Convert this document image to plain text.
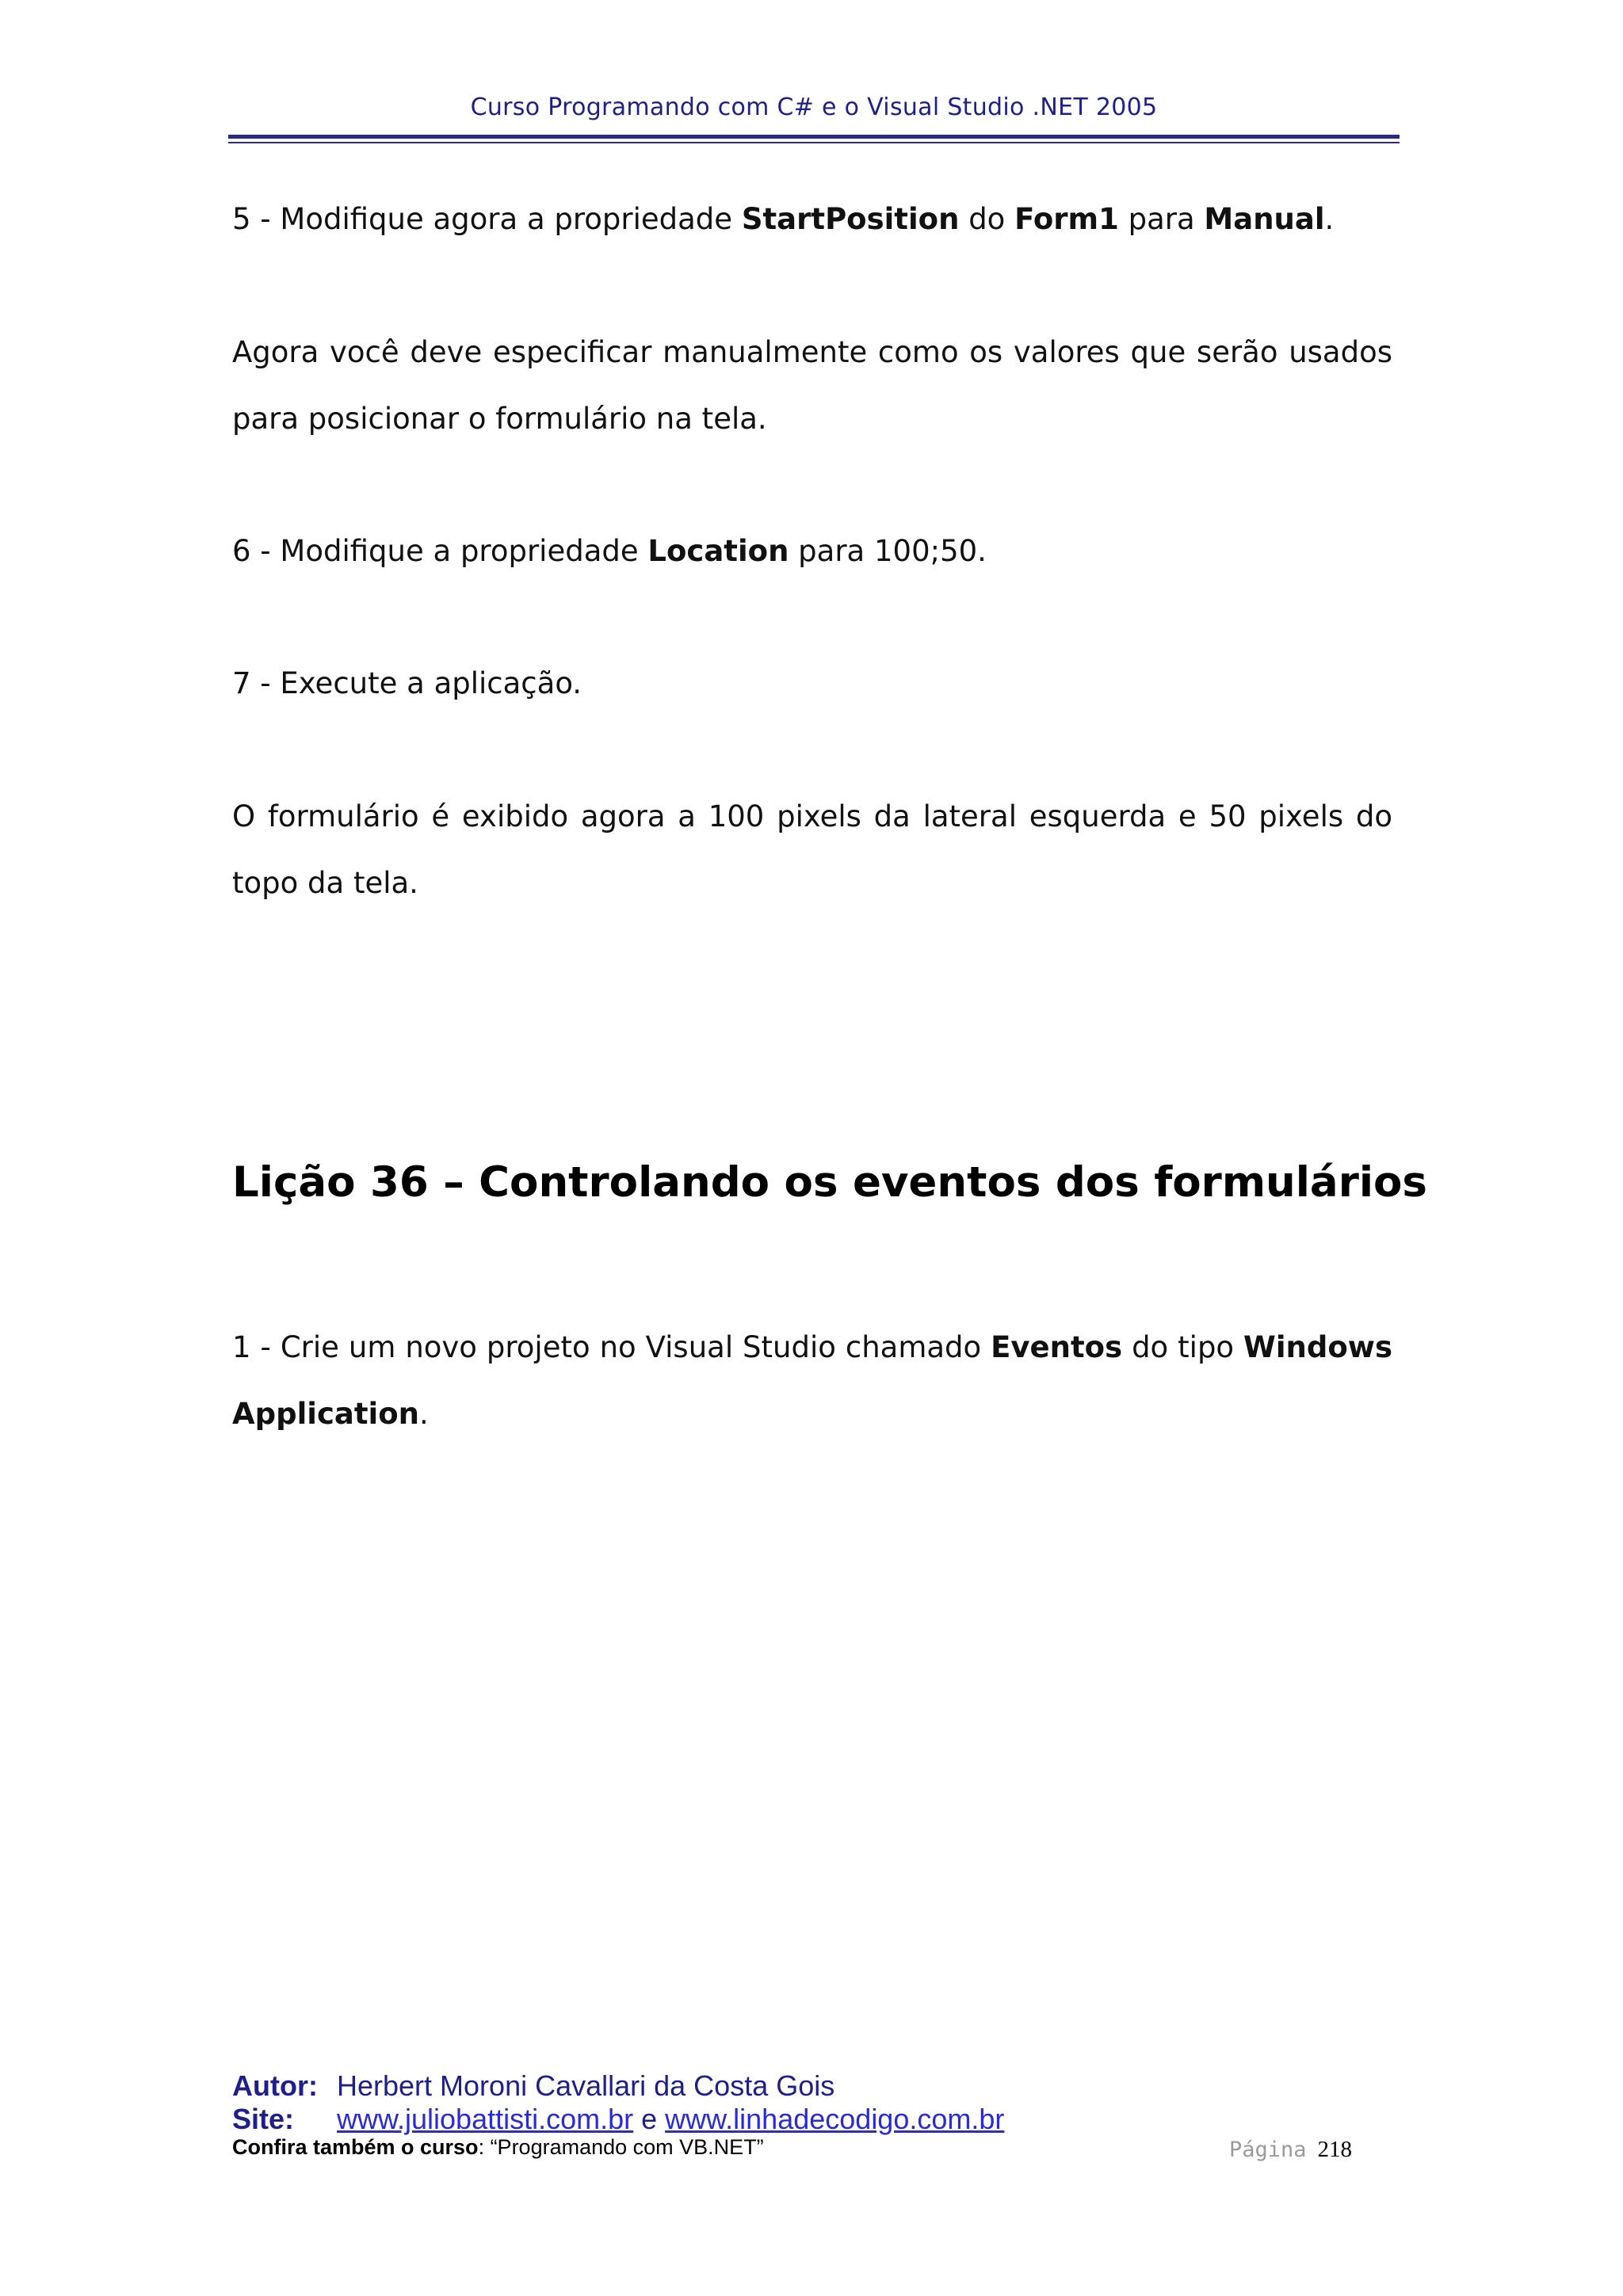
Curso Programando com C# e o Visual Studio .NET 2005
5 - Modifique agora a propriedade StartPosition do Form1 para Manual.
Agora você deve especificar manualmente como os valores que serão usados para posicionar o formulário na tela.
6 - Modifique a propriedade Location para 100;50.
7 - Execute a aplicação.
O formulário é exibido agora a 100 pixels da lateral esquerda e 50 pixels do topo da tela.
Lição 36 – Controlando os eventos dos formulários
1 - Crie um novo projeto no Visual Studio chamado Eventos do tipo Windows Application.
Autor: Herbert Moroni Cavallari da Costa Gois
Site: www.juliobattisti.com.br e www.linhadecodigo.com.br
Confira também o curso: “Programando com VB.NET”	Página 218
